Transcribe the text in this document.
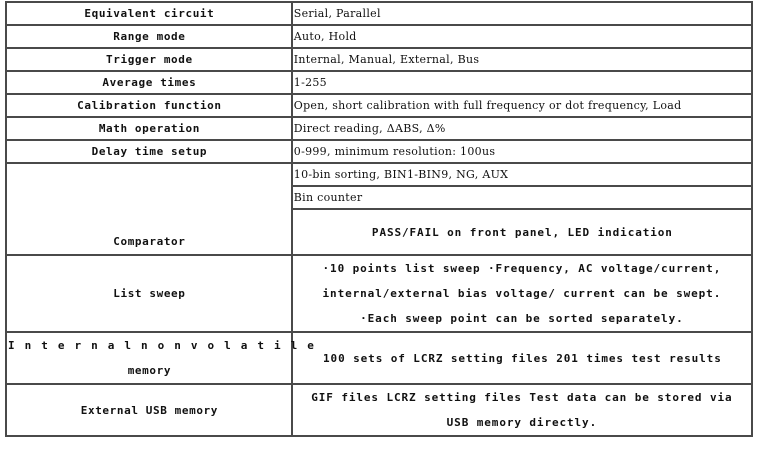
Equivalent circuit	Serial, Parallel
Range mode	Auto, Hold
Trigger mode	Internal, Manual, External, Bus
Average times	1-255
Calibration function	Open, short calibration with full frequency or dot frequency, Load
Math operation	Direct reading, ΔABS, Δ%
Delay time setup	0-999, minimum resolution: 100us
Comparator	10-bin sorting, BIN1-BIN9, NG, AUX
	Bin counter
	PASS/FAIL on front panel, LED indication
List sweep	·10 points list sweep ·Frequency, AC voltage/current, internal/external bias voltage/ current can be swept. ·Each sweep point can be sorted separately.

Internalnonvolatile
memory	100 sets of LCRZ setting files 201 times test results
External USB memory	GIF files LCRZ setting files Test data can be stored via USB memory directly.
